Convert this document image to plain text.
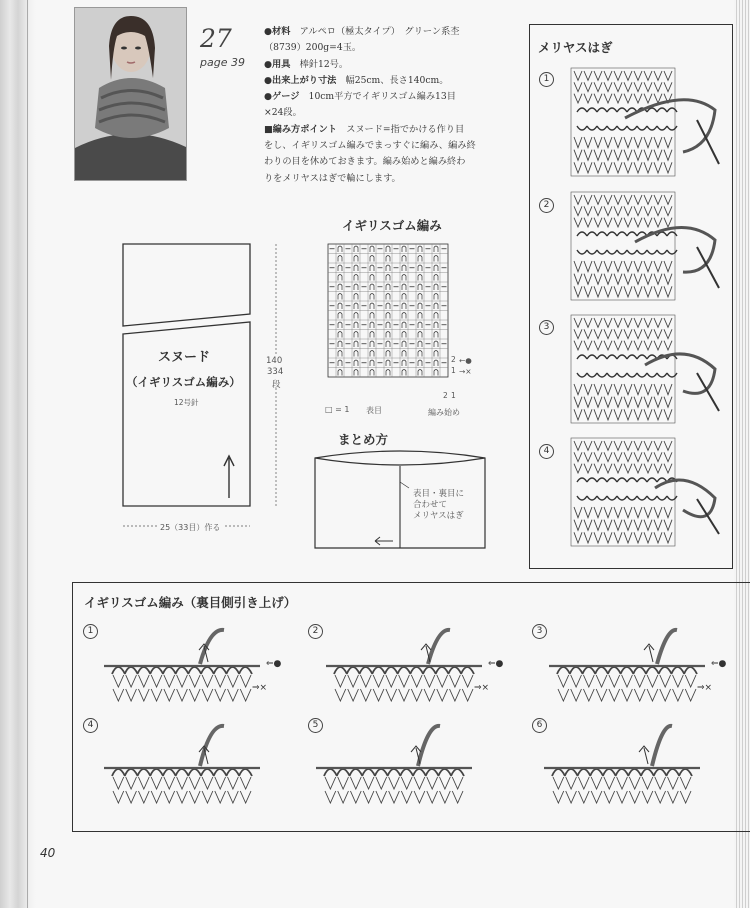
27
page 39
●材料　 アルペロ（極太タイプ）　グリーン系杢
（8739）200g=4玉。
●用具　 棒針12号。
●出来上がり寸法　 幅25cm、長さ140cm。
●ゲージ　 10cm平方でイギリスゴム編み13目
×24段。
■編み方ポイント　 スヌード=指でかける作り目
をし、イギリスゴム編みでまっすぐに編み、編み終
わりの目を休めておきます。編み始めと編み終わ
りをメリヤスはぎで輪にします。
スヌード
（イギリスゴム編み）
12号針
140
334
段
25（33目）作る
イギリスゴム編み
2
1
←●
→×
2 1
□ = 1 表目	編み始め
まとめ方
表目・裏目に
合わせて
メリヤスはぎ
メリヤスはぎ
1
2
3
4
イギリスゴム編み（裏目側引き上げ）
1	2	3
4	5	6
⇐●
⇒×
⇐●
⇒×
⇐●
⇒×
40
